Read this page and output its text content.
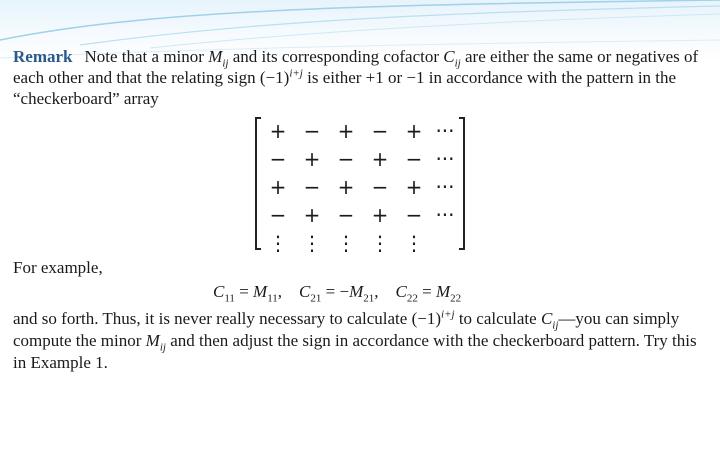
Remark Note that a minor $M_{ij}$ and its corresponding cofactor $C_{ij}$ are either the same or negatives of each other and that the relating sign $(-1)^{i+j}$ is either +1 or −1 in accordance with the pattern in the “checkerboard” array

+ − + − + ···
− + − + − ···
+ − + − + ···
− + − + − ···
⋮ ⋮ ⋮ ⋮ ⋮
For example,
$C_{11} = M_{11}$,    $C_{21} = -M_{21}$,    $C_{22} = M_{22}$

and so forth. Thus, it is never really necessary to calculate $(-1)^{i+j}$ to calculate $C_{ij}—you$ can simply compute the minor $M_{ij}$ and then adjust the sign in accordance with the checkerboard pattern. Try this in Example 1.
